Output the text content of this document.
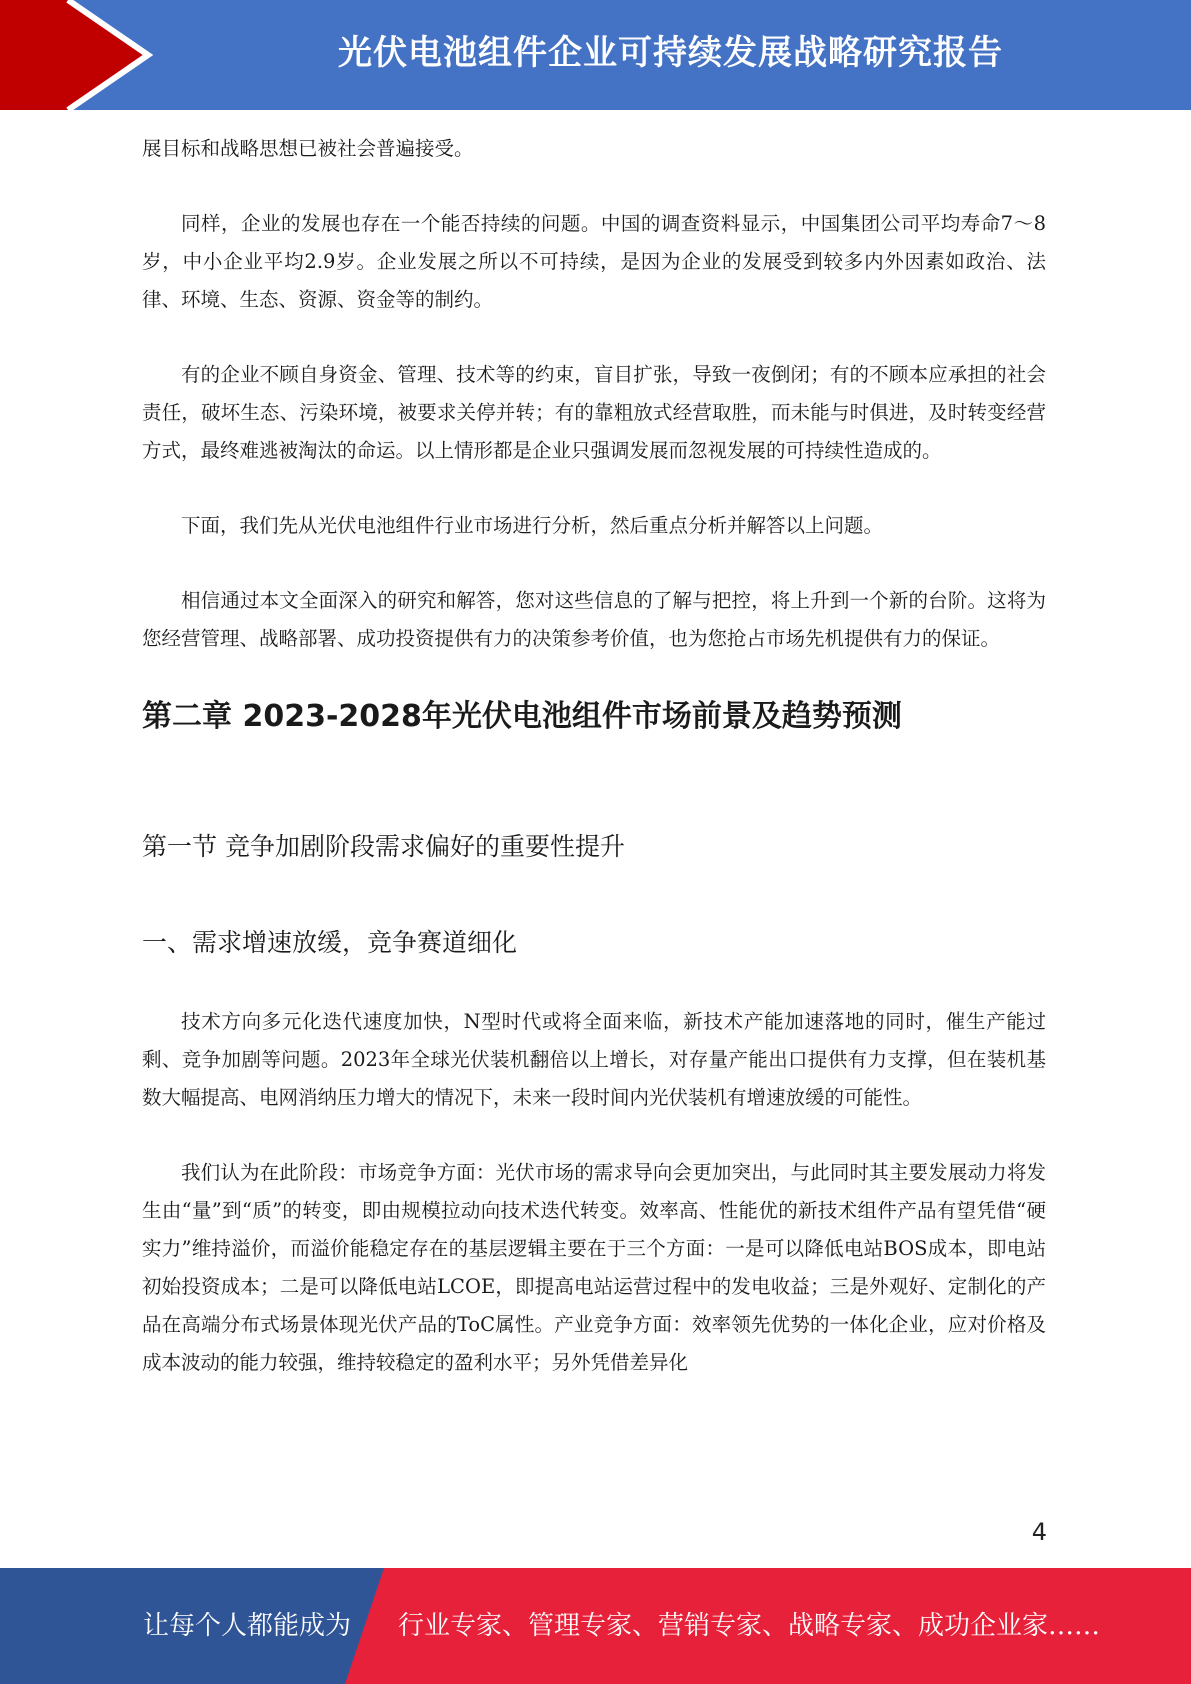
光伏电池组件企业可持续发展战略研究报告

展目标和战略思想已被社会普遍接受。

同样，企业的发展也存在一个能否持续的问题。中国的调查资料显示，中国集团公司平均寿命7～8岁，中小企业平均2.9岁。企业发展之所以不可持续，是因为企业的发展受到较多内外因素如政治、法律、环境、生态、资源、资金等的制约。

有的企业不顾自身资金、管理、技术等的约束，盲目扩张，导致一夜倒闭；有的不顾本应承担的社会责任，破坏生态、污染环境，被要求关停并转；有的靠粗放式经营取胜，而未能与时俱进，及时转变经营方式，最终难逃被淘汰的命运。以上情形都是企业只强调发展而忽视发展的可持续性造成的。

下面，我们先从光伏电池组件行业市场进行分析，然后重点分析并解答以上问题。

相信通过本文全面深入的研究和解答，您对这些信息的了解与把控，将上升到一个新的台阶。这将为您经营管理、战略部署、成功投资提供有力的决策参考价值，也为您抢占市场先机提供有力的保证。

第二章 2023-2028年光伏电池组件市场前景及趋势预测
第一节 竞争加剧阶段需求偏好的重要性提升
一、需求增速放缓，竞争赛道细化

技术方向多元化迭代速度加快，N型时代或将全面来临，新技术产能加速落地的同时，催生产能过剩、竞争加剧等问题。2023年全球光伏装机翻倍以上增长，对存量产能出口提供有力支撑，但在装机基数大幅提高、电网消纳压力增大的情况下，未来一段时间内光伏装机有增速放缓的可能性。

我们认为在此阶段：市场竞争方面：光伏市场的需求导向会更加突出，与此同时其主要发展动力将发生由“量”到“质”的转变，即由规模拉动向技术迭代转变。效率高、性能优的新技术组件产品有望凭借“硬实力”维持溢价，而溢价能稳定存在的基层逻辑主要在于三个方面：一是可以降低电站BOS成本，即电站初始投资成本；二是可以降低电站LCOE，即提高电站运营过程中的发电收益；三是外观好、定制化的产品在高端分布式场景体现光伏产品的ToC属性。产业竞争方面：效率领先优势的一体化企业，应对价格及成本波动的能力较强，维持较稳定的盈利水平；另外凭借差异化

4
让每个人都能成为 行业专家、管理专家、营销专家、战略专家、成功企业家……
